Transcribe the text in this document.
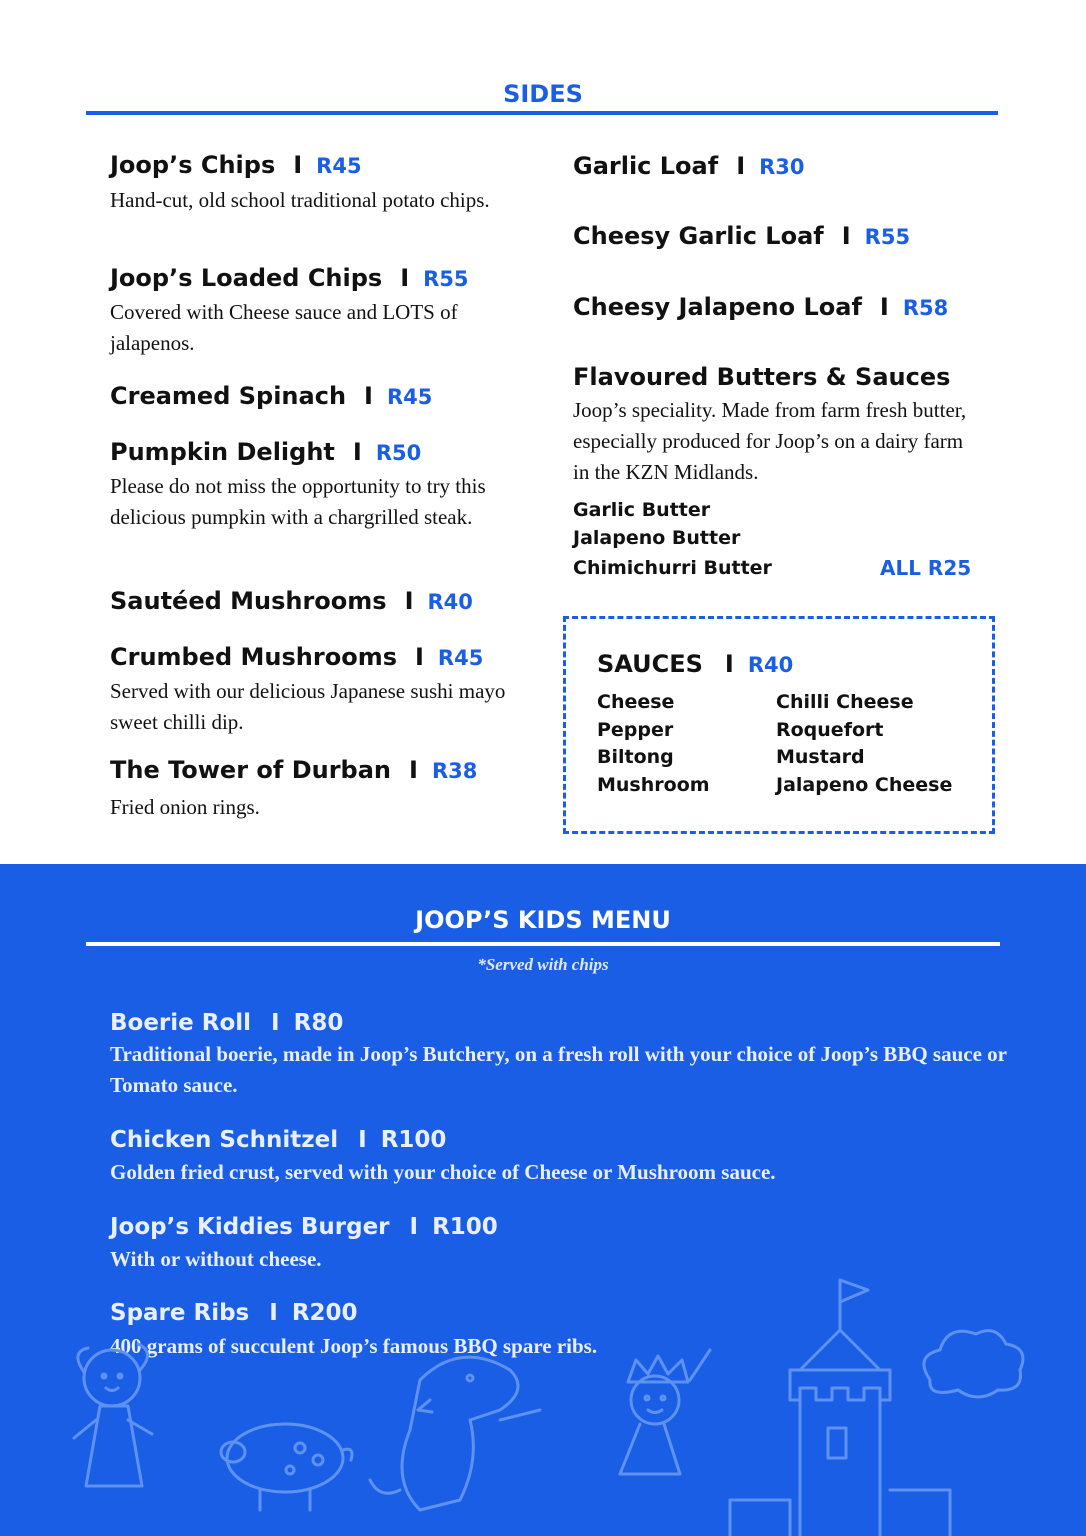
SIDES
Joop’s Chips I R45
Hand-cut, old school traditional potato chips.
Joop’s Loaded Chips I R55
Covered with Cheese sauce and LOTS of jalapenos.
Creamed Spinach I R45
Pumpkin Delight I R50
Please do not miss the opportunity to try this delicious pumpkin with a chargrilled steak.
Sautéed Mushrooms I R40
Crumbed Mushrooms I R45
Served with our delicious Japanese sushi mayo sweet chilli dip.
The Tower of Durban I R38
Fried onion rings.
Garlic Loaf I R30
Cheesy Garlic Loaf I R55
Cheesy Jalapeno Loaf I R58
Flavoured Butters & Sauces
Joop’s speciality. Made from farm fresh butter, especially produced for Joop’s on a dairy farm in the KZN Midlands.
Garlic Butter
Jalapeno Butter
Chimichurri Butter	ALL R25
SAUCES I R40
Cheese
Pepper
Biltong
Mushroom
Chilli Cheese
Roquefort
Mustard
Jalapeno Cheese
JOOP’S KIDS MENU
*Served with chips
Boerie Roll I R80
Traditional boerie, made in Joop’s Butchery, on a fresh roll with your choice of Joop’s BBQ sauce or Tomato sauce.
Chicken Schnitzel I R100
Golden fried crust, served with your choice of Cheese or Mushroom sauce.
Joop’s Kiddies Burger I R100
With or without cheese.
Spare Ribs I R200
400 grams of succulent Joop’s famous BBQ spare ribs.
